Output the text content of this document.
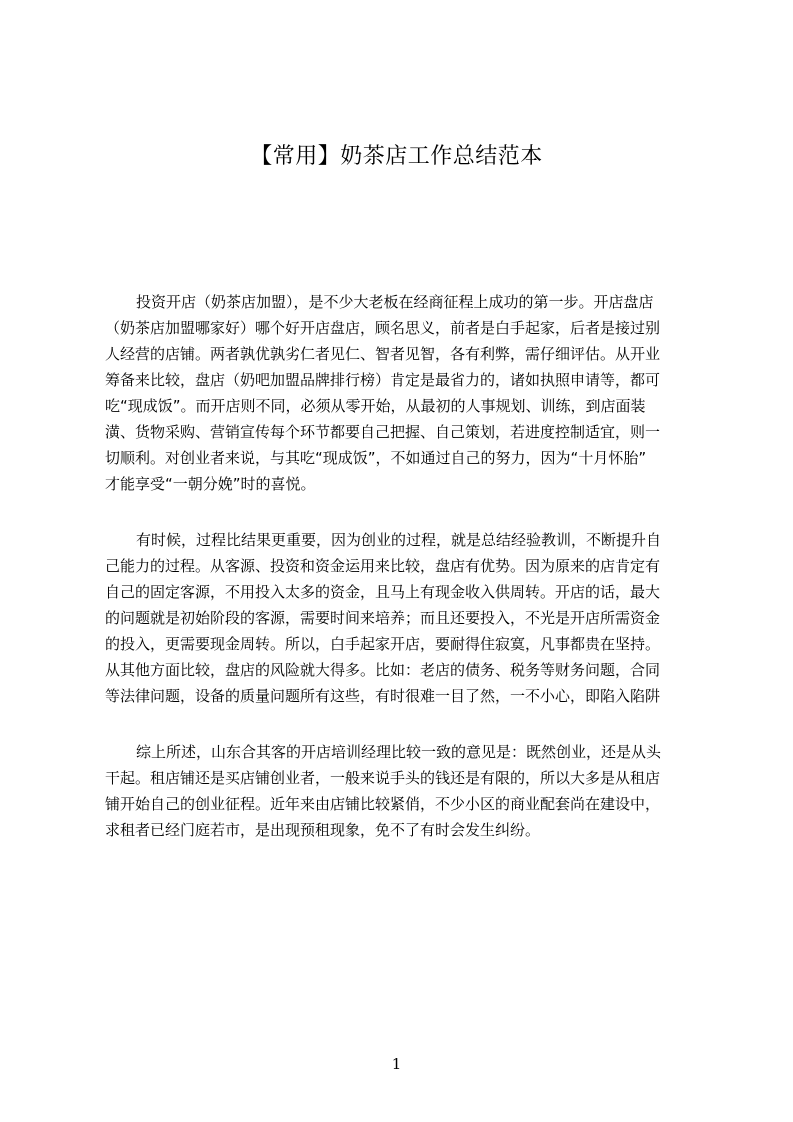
【常用】奶茶店工作总结范本
投资开店（奶茶店加盟），是不少大老板在经商征程上成功的第一步。开店盘店
（奶茶店加盟哪家好）哪个好开店盘店，顾名思义，前者是白手起家，后者是接过别
人经营的店铺。两者孰优孰劣仁者见仁、智者见智，各有利弊，需仔细评估。从开业
筹备来比较，盘店（奶吧加盟品牌排行榜）肯定是最省力的，诸如执照申请等，都可
吃“现成饭”。而开店则不同，必须从零开始，从最初的人事规划、训练，到店面装
潢、货物采购、营销宣传每个环节都要自己把握、自己策划，若进度控制适宜，则一
切顺利。对创业者来说，与其吃“现成饭”，不如通过自己的努力，因为“十月怀胎”
才能享受“一朝分娩”时的喜悦。
有时候，过程比结果更重要，因为创业的过程，就是总结经验教训，不断提升自
己能力的过程。从客源、投资和资金运用来比较，盘店有优势。因为原来的店肯定有
自己的固定客源，不用投入太多的资金，且马上有现金收入供周转。开店的话，最大
的问题就是初始阶段的客源，需要时间来培养；而且还要投入，不光是开店所需资金
的投入，更需要现金周转。所以，白手起家开店，要耐得住寂寞，凡事都贵在坚持。
从其他方面比较，盘店的风险就大得多。比如：老店的债务、税务等财务问题，合同
等法律问题，设备的质量问题所有这些，有时很难一目了然，一不小心，即陷入陷阱
综上所述，山东合其客的开店培训经理比较一致的意见是：既然创业，还是从头
干起。租店铺还是买店铺创业者，一般来说手头的钱还是有限的，所以大多是从租店
铺开始自己的创业征程。近年来由店铺比较紧俏，不少小区的商业配套尚在建设中，
求租者已经门庭若市，是出现预租现象，免不了有时会发生纠纷。
1
